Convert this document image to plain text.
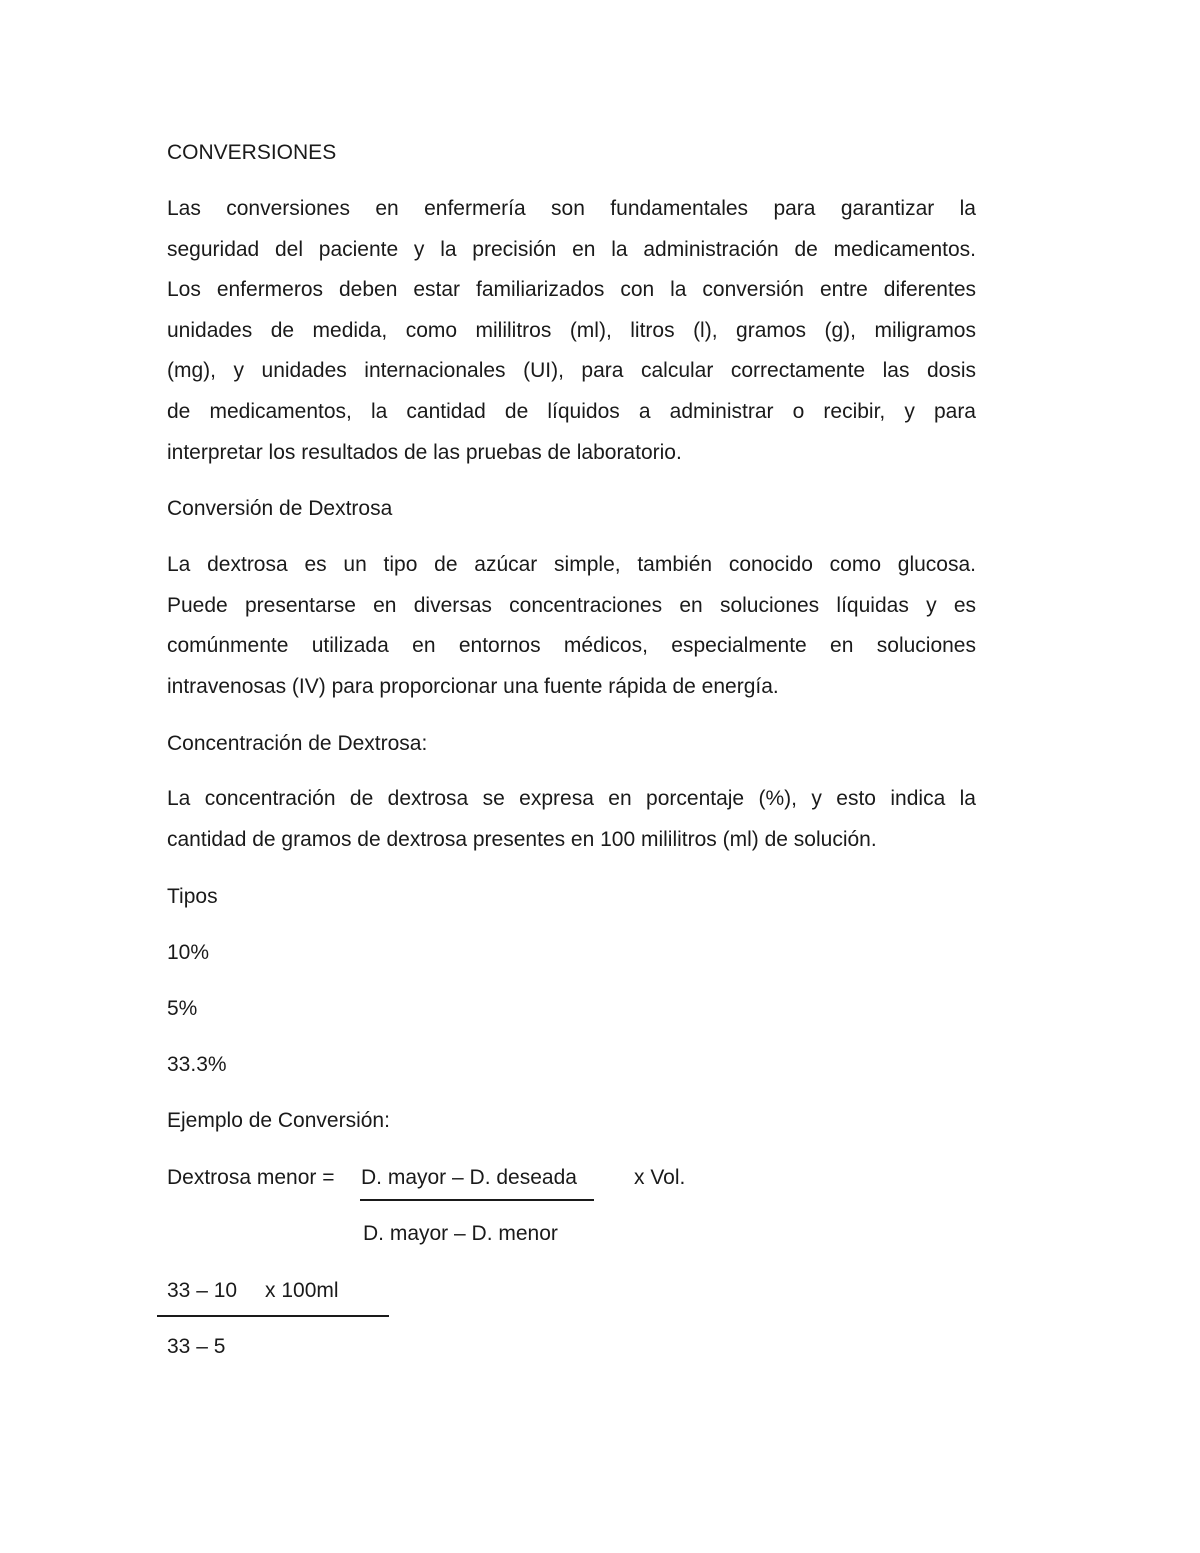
CONVERSIONES
Las conversiones en enfermería son fundamentales para garantizar la
seguridad del paciente y la precisión en la administración de medicamentos.
Los enfermeros deben estar familiarizados con la conversión entre diferentes
unidades de medida, como mililitros (ml), litros (l), gramos (g), miligramos
(mg), y unidades internacionales (UI), para calcular correctamente las dosis
de medicamentos, la cantidad de líquidos a administrar o recibir, y para
interpretar los resultados de las pruebas de laboratorio.
Conversión de Dextrosa
La dextrosa es un tipo de azúcar simple, también conocido como glucosa.
Puede presentarse en diversas concentraciones en soluciones líquidas y es
comúnmente utilizada en entornos médicos, especialmente en soluciones
intravenosas (IV) para proporcionar una fuente rápida de energía.
Concentración de Dextrosa:
La concentración de dextrosa se expresa en porcentaje (%), y esto indica la
cantidad de gramos de dextrosa presentes en 100 mililitros (ml) de solución.
Tipos
10%
5%
33.3%
Ejemplo de Conversión:
Dextrosa menor = D. mayor – D. deseada	x Vol.
D. mayor – D. menor
33 – 10 x 100ml
33 – 5
